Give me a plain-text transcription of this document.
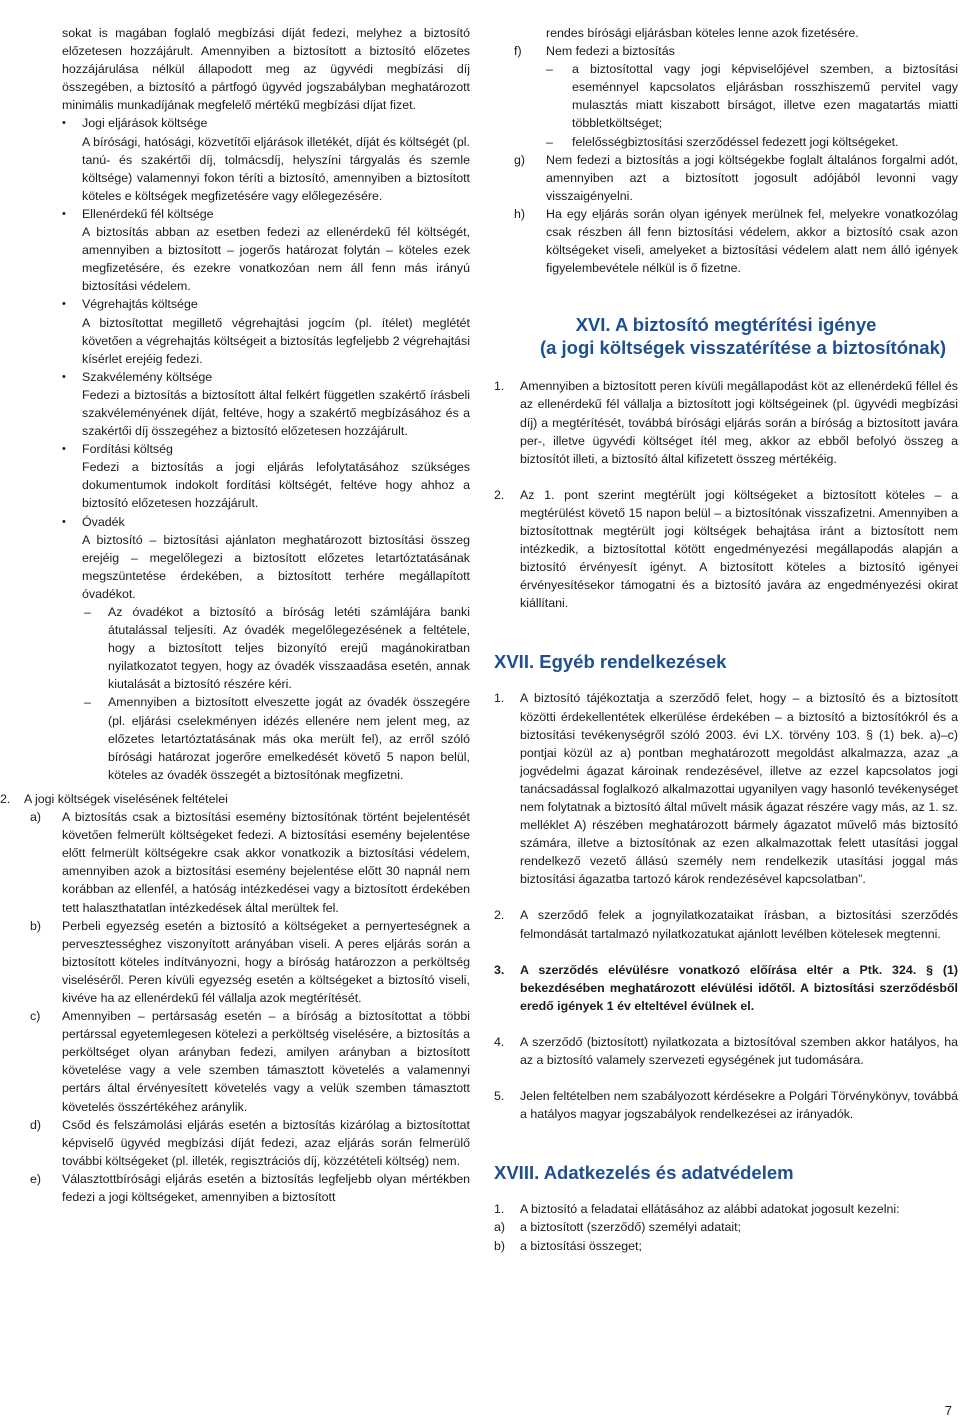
sokat is magában foglaló megbízási díját fedezi, melyhez a biztosító előzetesen hozzájárult. Amennyiben a biztosított a biztosító előzetes hozzájárulása nélkül állapodott meg az ügyvédi megbízási díj összegében, a biztosító a pártfogó ügyvéd jogszabályban meghatározott minimális munkadíjának megfelelő mértékű megbízási díjat fizet.

•	Jogi eljárások költsége

A bírósági, hatósági, közvetítői eljárások illetékét, díját és költségét (pl. tanú- és szakértői díj, tolmácsdíj, helyszíni tárgyalás és szemle költsége) valamennyi fokon téríti a biztosító, amennyiben a biztosított köteles e költségek megfizetésére vagy előlegezésére.

•	Ellenérdekű fél költsége

A biztosítás abban az esetben fedezi az ellenérdekű fél költségét, amennyiben a biztosított – jogerős határozat folytán – köteles ezek megfizetésére, és ezekre vonatkozóan nem áll fenn más irányú biztosítási védelem.

•	Végrehajtás költsége

A biztosítottat megillető végrehajtási jogcím (pl. ítélet) meglétét követően a végrehajtás költségeit a biztosítás legfeljebb 2 végrehajtási kísérlet erejéig fedezi.

•	Szakvélemény költsége

Fedezi a biztosítás a biztosított által felkért független szakértő írásbeli szakvéleményének díját, feltéve, hogy a szakértő megbízásához és a szakértői díj összegéhez a biztosító előzetesen hozzájárult.

•	Fordítási költség

Fedezi a biztosítás a jogi eljárás lefolytatásához szükséges dokumentumok indokolt fordítási költségét, feltéve hogy ahhoz a biztosító előzetesen hozzájárult.

•	Óvadék

A biztosító – biztosítási ajánlaton meghatározott biztosítási összeg erejéig – megelőlegezi a biztosított előzetes letartóztatásának megszüntetése érdekében, a biztosított terhére megállapított óvadékot.

– Az óvadékot a biztosító a bíróság letéti számlájára banki átutalással teljesíti. Az óvadék megelőlegezésének a feltétele, hogy a biztosított teljes bizonyító erejű magánokiratban nyilatkozatot tegyen, hogy az óvadék visszaadása esetén, annak kiutalását a biztosító részére kéri.

– Amennyiben a biztosított elveszette jogát az óvadék összegére (pl. eljárási cselekményen idézés ellenére nem jelent meg, az előzetes letartóztatásának más oka merült fel), az erről szóló bírósági határozat jogerőre emelkedését követő 5 napon belül, köteles az óvadék összegét a biztosítónak megfizetni.

2. A jogi költségek viselésének feltételei
a) A biztosítás csak a biztosítási esemény biztosítónak történt bejelentését követően felmerült költségeket fedezi. A biztosítási esemény bejelentése előtt felmerült költségekre csak akkor vonatkozik a biztosítási védelem, amennyiben azok a biztosítási esemény bejelentése előtt 30 napnál nem korábban az ellenfél, a hatóság intézkedései vagy a biztosított érdekében tett halaszthatatlan intézkedések által merültek fel.

b) Perbeli egyezség esetén a biztosító a költségeket a pernyerteségnek a pervesztességhez viszonyított arányában viseli. A peres eljárás során a biztosított köteles indítványozni, hogy a bíróság határozzon a perköltség viseléséről. Peren kívüli egyezség esetén a költségeket a biztosító viseli, kivéve ha az ellenérdekű fél vállalja azok megtérítését.

c) Amennyiben – pertársaság esetén – a bíróság a biztosítottat a többi pertárssal egyetemlegesen kötelezi a perköltség viselésére, a biztosítás a perköltséget olyan arányban fedezi, amilyen arányban a biztosított követelése vagy a vele szemben támasztott követelés a valamennyi pertárs által érvényesített követelés vagy a velük szemben támasztott követelés összértékéhez aránylik.

d) Csőd és felszámolási eljárás esetén a biztosítás kizárólag a biztosítottat képviselő ügyvéd megbízási díját fedezi, azaz eljárás során felmerülő további költségeket (pl. illeték, regisztrációs díj, közzétételi költség) nem.

e) Választottbírósági eljárás esetén a biztosítás legfeljebb olyan mértékben fedezi a jogi költségeket, amennyiben a biztosított

rendes bírósági eljárásban köteles lenne azok fizetésére.

f) Nem fedezi a biztosítás

– a biztosítottal vagy jogi képviselőjével szemben, a biztosítási eseménnyel kapcsolatos eljárásban rosszhiszemű pervitel vagy mulasztás miatt kiszabott bírságot, illetve ezen magatartás miatti többletköltséget;

– felelősségbiztosítási szerződéssel fedezett jogi költségeket.

g) Nem fedezi a biztosítás a jogi költségekbe foglalt általános forgalmi adót, amennyiben azt a biztosított jogosult adójából levonni vagy visszaigényelni.

h) Ha egy eljárás során olyan igények merülnek fel, melyekre vonatkozólag csak részben áll fenn biztosítási védelem, akkor a biztosító csak azon költségeket viseli, amelyeket a biztosítási védelem alatt nem álló igények figyelembevétele nélkül is ő fizetne.

XVI. A biztosító megtérítési igénye
(a jogi költségek visszatérítése a biztosítónak)
1. Amennyiben a biztosított peren kívüli megállapodást köt az ellenérdekű féllel és az ellenérdekű fél vállalja a biztosított jogi költségeinek (pl. ügyvédi megbízási díj) a megtérítését, továbbá bírósági eljárás során a bíróság a biztosított javára per-, illetve ügyvédi költséget ítél meg, akkor az ebből befolyó összeg a biztosítót illeti, a biztosító által kifizetett összeg mértékéig.

2. Az 1. pont szerint megtérült jogi költségeket a biztosított köteles – a megtérülést követő 15 napon belül – a biztosítónak visszafizetni. Amennyiben a biztosítottnak megtérült jogi költségek behajtása iránt a biztosított nem intézkedik, a biztosítottal kötött engedményezési megállapodás alapján a biztosító érvényesít igényt. A biztosított köteles a biztosító igényei érvényesítésekor támogatni és a biztosító javára az engedményezési okirat kiállítani.

XVII. Egyéb rendelkezések
1. A biztosító tájékoztatja a szerződő felet, hogy – a biztosító és a biztosított közötti érdekellentétek elkerülése érdekében – a biztosító a biztosítókról és a biztosítási tevékenységről szóló 2003. évi LX. törvény 103. § (1) bek. a)–c) pontjai közül az a) pontban meghatározott megoldást alkalmazza, azaz „a jogvédelmi ágazat károinak rendezésével, illetve az ezzel kapcsolatos jogi tanácsadással foglalkozó alkalmazottai ugyanilyen vagy hasonló tevékenységet nem folytatnak a biztosító által művelt másik ágazat részére vagy más, az 1. sz. melléklet A) részében meghatározott bármely ágazatot művelő más biztosító számára, illetve a biztosítónak az ezen alkalmazottak felett utasítási joggal rendelkező vezető állású személy nem rendelkezik utasítási joggal más biztosítási ágazatba tartozó károk rendezésével kapcsolatban”.

2. A szerződő felek a jognyilatkozataikat írásban, a biztosítási szerződés felmondását tartalmazó nyilatkozatukat ajánlott levélben kötelesek megtenni.

3. A szerződés elévülésre vonatkozó előírása eltér a Ptk. 324. § (1) bekezdésében meghatározott elévülési időtől. A biztosítási szerződésből eredő igények 1 év elteltével évülnek el.

4. A szerződő (biztosított) nyilatkozata a biztosítóval szemben akkor hatályos, ha az a biztosító valamely szervezeti egységének jut tudomására.

5. Jelen feltételben nem szabályozott kérdésekre a Polgári Törvénykönyv, továbbá a hatályos magyar jogszabályok rendelkezései az irányadók.

XVIII. Adatkezelés és adatvédelem
1. A biztosító a feladatai ellátásához az alábbi adatokat jogosult kezelni:

a) a biztosított (szerződő) személyi adatait;

b) a biztosítási összeget;

7
